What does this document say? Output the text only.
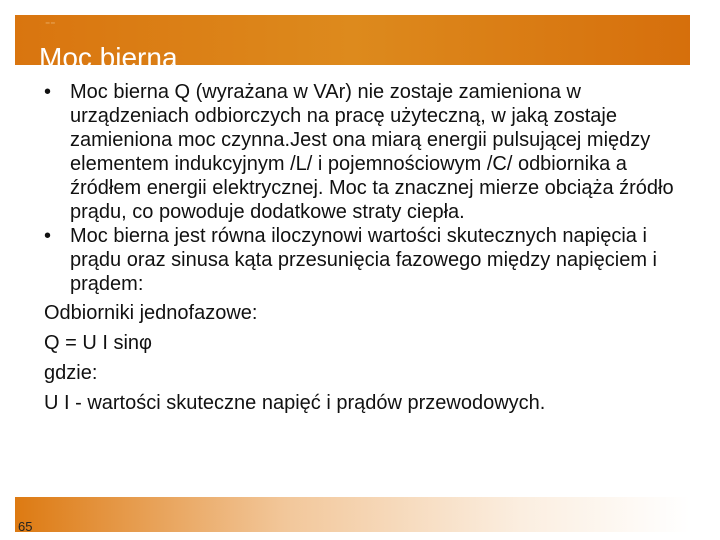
⁻⁻
Moc bierna

• Moc bierna Q (wyrażana w VAr) nie zostaje zamieniona w urządzeniach odbiorczych na pracę użyteczną, w jaką zostaje zamieniona moc czynna.Jest ona miarą energii pulsującej między elementem indukcyjnym /L/ i pojemnościowym /C/ odbiornika a źródłem energii elektrycznej. Moc ta znacznej mierze obciąża źródło prądu, co powoduje dodatkowe straty ciepła.

• Moc bierna jest równa iloczynowi wartości skutecznych napięcia i prądu oraz sinusa kąta przesunięcia fazowego między napięciem i prądem:

Odbiorniki jednofazowe:

Q = U I sinφ

gdzie:

U I - wartości skuteczne napięć i prądów przewodowych.

65
